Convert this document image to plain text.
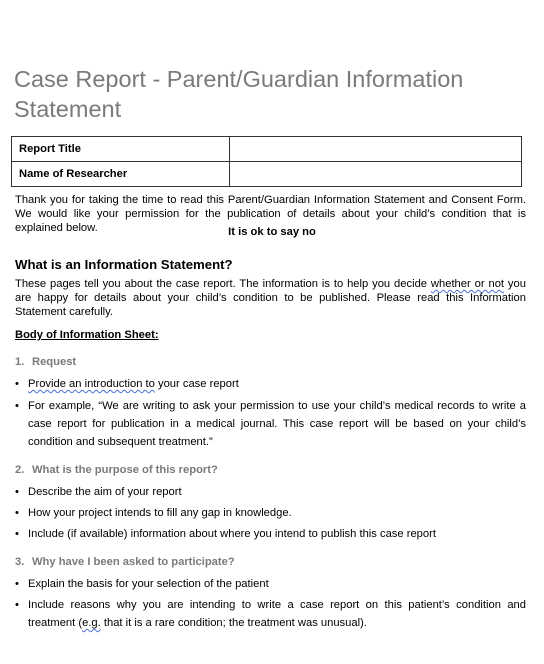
Case Report - Parent/Guardian Information Statement
Report Title	
Name of Researcher	
Thank you for taking the time to read this Parent/Guardian Information Statement and Consent Form. We would like your permission for the publication of details about your child’s condition that is explained below.	It is ok to say no
What is an Information Statement?
These pages tell you about the case report. The information is to help you decide whether or not you are happy for details about your child’s condition to be published. Please read this Information Statement carefully.
Body of Information Sheet:
1. Request
• Provide an introduction to your case report
• For example, “We are writing to ask your permission to use your child’s medical records to write a case report for publication in a medical journal. This case report will be based on your child’s condition and subsequent treatment.”
2. What is the purpose of this report?
• Describe the aim of your report
• How your project intends to fill any gap in knowledge.
• Include (if available) information about where you intend to publish this case report
3. Why have I been asked to participate?
• Explain the basis for your selection of the patient
• Include reasons why you are intending to write a case report on this patient’s condition and treatment (e.g. that it is a rare condition; the treatment was unusual).
